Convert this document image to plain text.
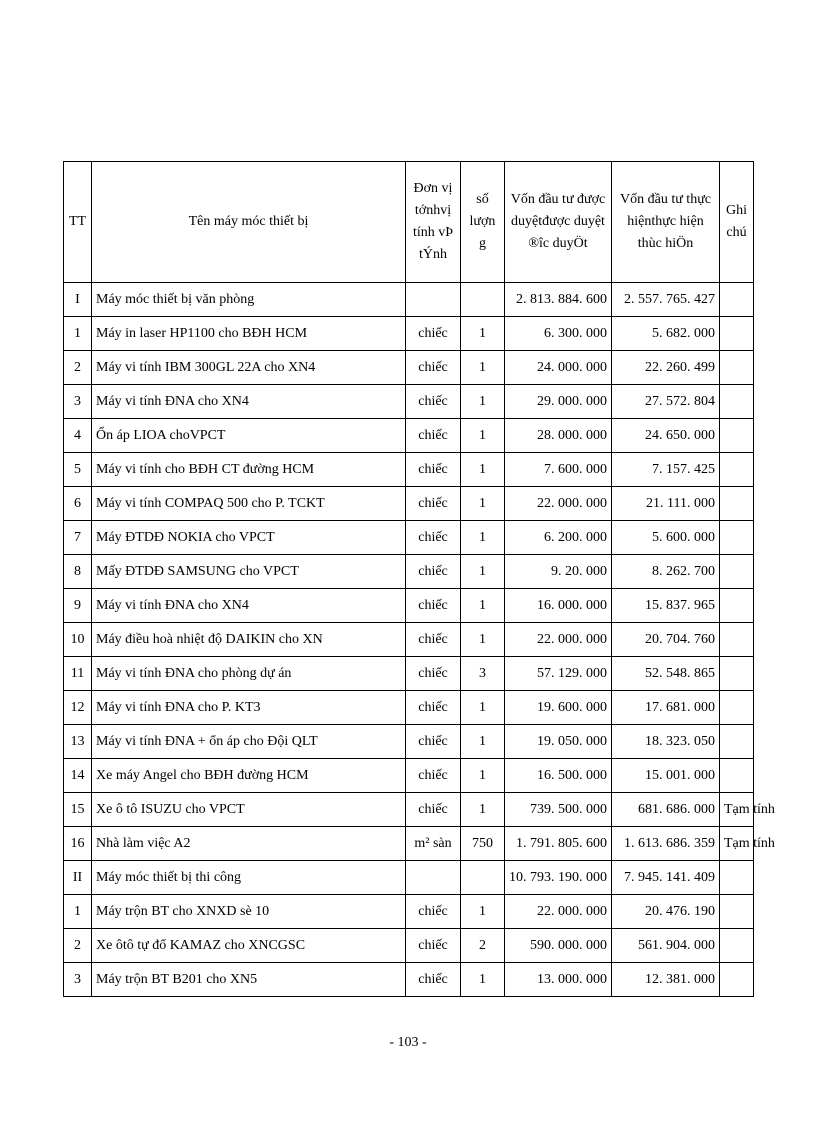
TT	Tên máy móc thiết bị	Đơn vị tớnhvị tính vÞ tÝnh	số lượn g	Vốn đầu tư được duyệtđược duyệt ®îc duyÖt	Vốn đầu tư thực hiệnthực hiện thùc hiÖn	Ghi chú
I	Máy móc thiết bị văn phòng			2. 813. 884. 600	2. 557. 765. 427	
1	Máy in laser HP1100 cho BĐH HCM	chiếc	1	6. 300. 000	5. 682. 000	
2	Máy vi tính IBM 300GL 22A cho XN4	chiếc	1	24. 000. 000	22. 260. 499	
3	Máy vi tính ĐNA cho XN4	chiếc	1	29. 000. 000	27. 572. 804	
4	Ổn áp LIOA choVPCT	chiếc	1	28. 000. 000	24. 650. 000	
5	Máy vi tính cho BĐH CT đường HCM	chiếc	1	7. 600. 000	7. 157. 425	
6	Máy vi tính COMPAQ 500 cho P. TCKT	chiếc	1	22. 000. 000	21. 111. 000	
7	Máy ĐTDĐ NOKIA cho VPCT	chiếc	1	6. 200. 000	5. 600. 000	
8	Mấy ĐTDĐ SAMSUNG cho VPCT	chiếc	1	9. 20. 000	8. 262. 700	
9	Máy vi tính ĐNA cho XN4	chiếc	1	16. 000. 000	15. 837. 965	
10	Máy điều hoà nhiệt độ DAIKIN cho XN	chiếc	1	22. 000. 000	20. 704. 760	
11	Máy vi tính ĐNA cho phòng dự án	chiếc	3	57. 129. 000	52. 548. 865	
12	Máy vi tính ĐNA cho P. KT3	chiếc	1	19. 600. 000	17. 681. 000	
13	Máy vi tính ĐNA + ổn áp cho Đội QLT	chiếc	1	19. 050. 000	18. 323. 050	
14	Xe máy Angel cho BĐH đường HCM	chiếc	1	16. 500. 000	15. 001. 000	
15	Xe ô tô ISUZU cho VPCT	chiếc	1	739. 500. 000	681. 686. 000	Tạm tính
16	Nhà làm việc A2	m² sàn	750	1. 791. 805. 600	1. 613. 686. 359	Tạm tính
II	Máy móc thiết bị thi công			10. 793. 190. 000	7. 945. 141. 409	
1	Máy trộn BT cho XNXD sè 10	chiếc	1	22. 000. 000	20. 476. 190	
2	Xe ôtô tự đổ KAMAZ cho XNCGSC	chiếc	2	590. 000. 000	561. 904. 000	
3	Máy trộn BT B201 cho XN5	chiếc	1	13. 000. 000	12. 381. 000	
- 103 -
